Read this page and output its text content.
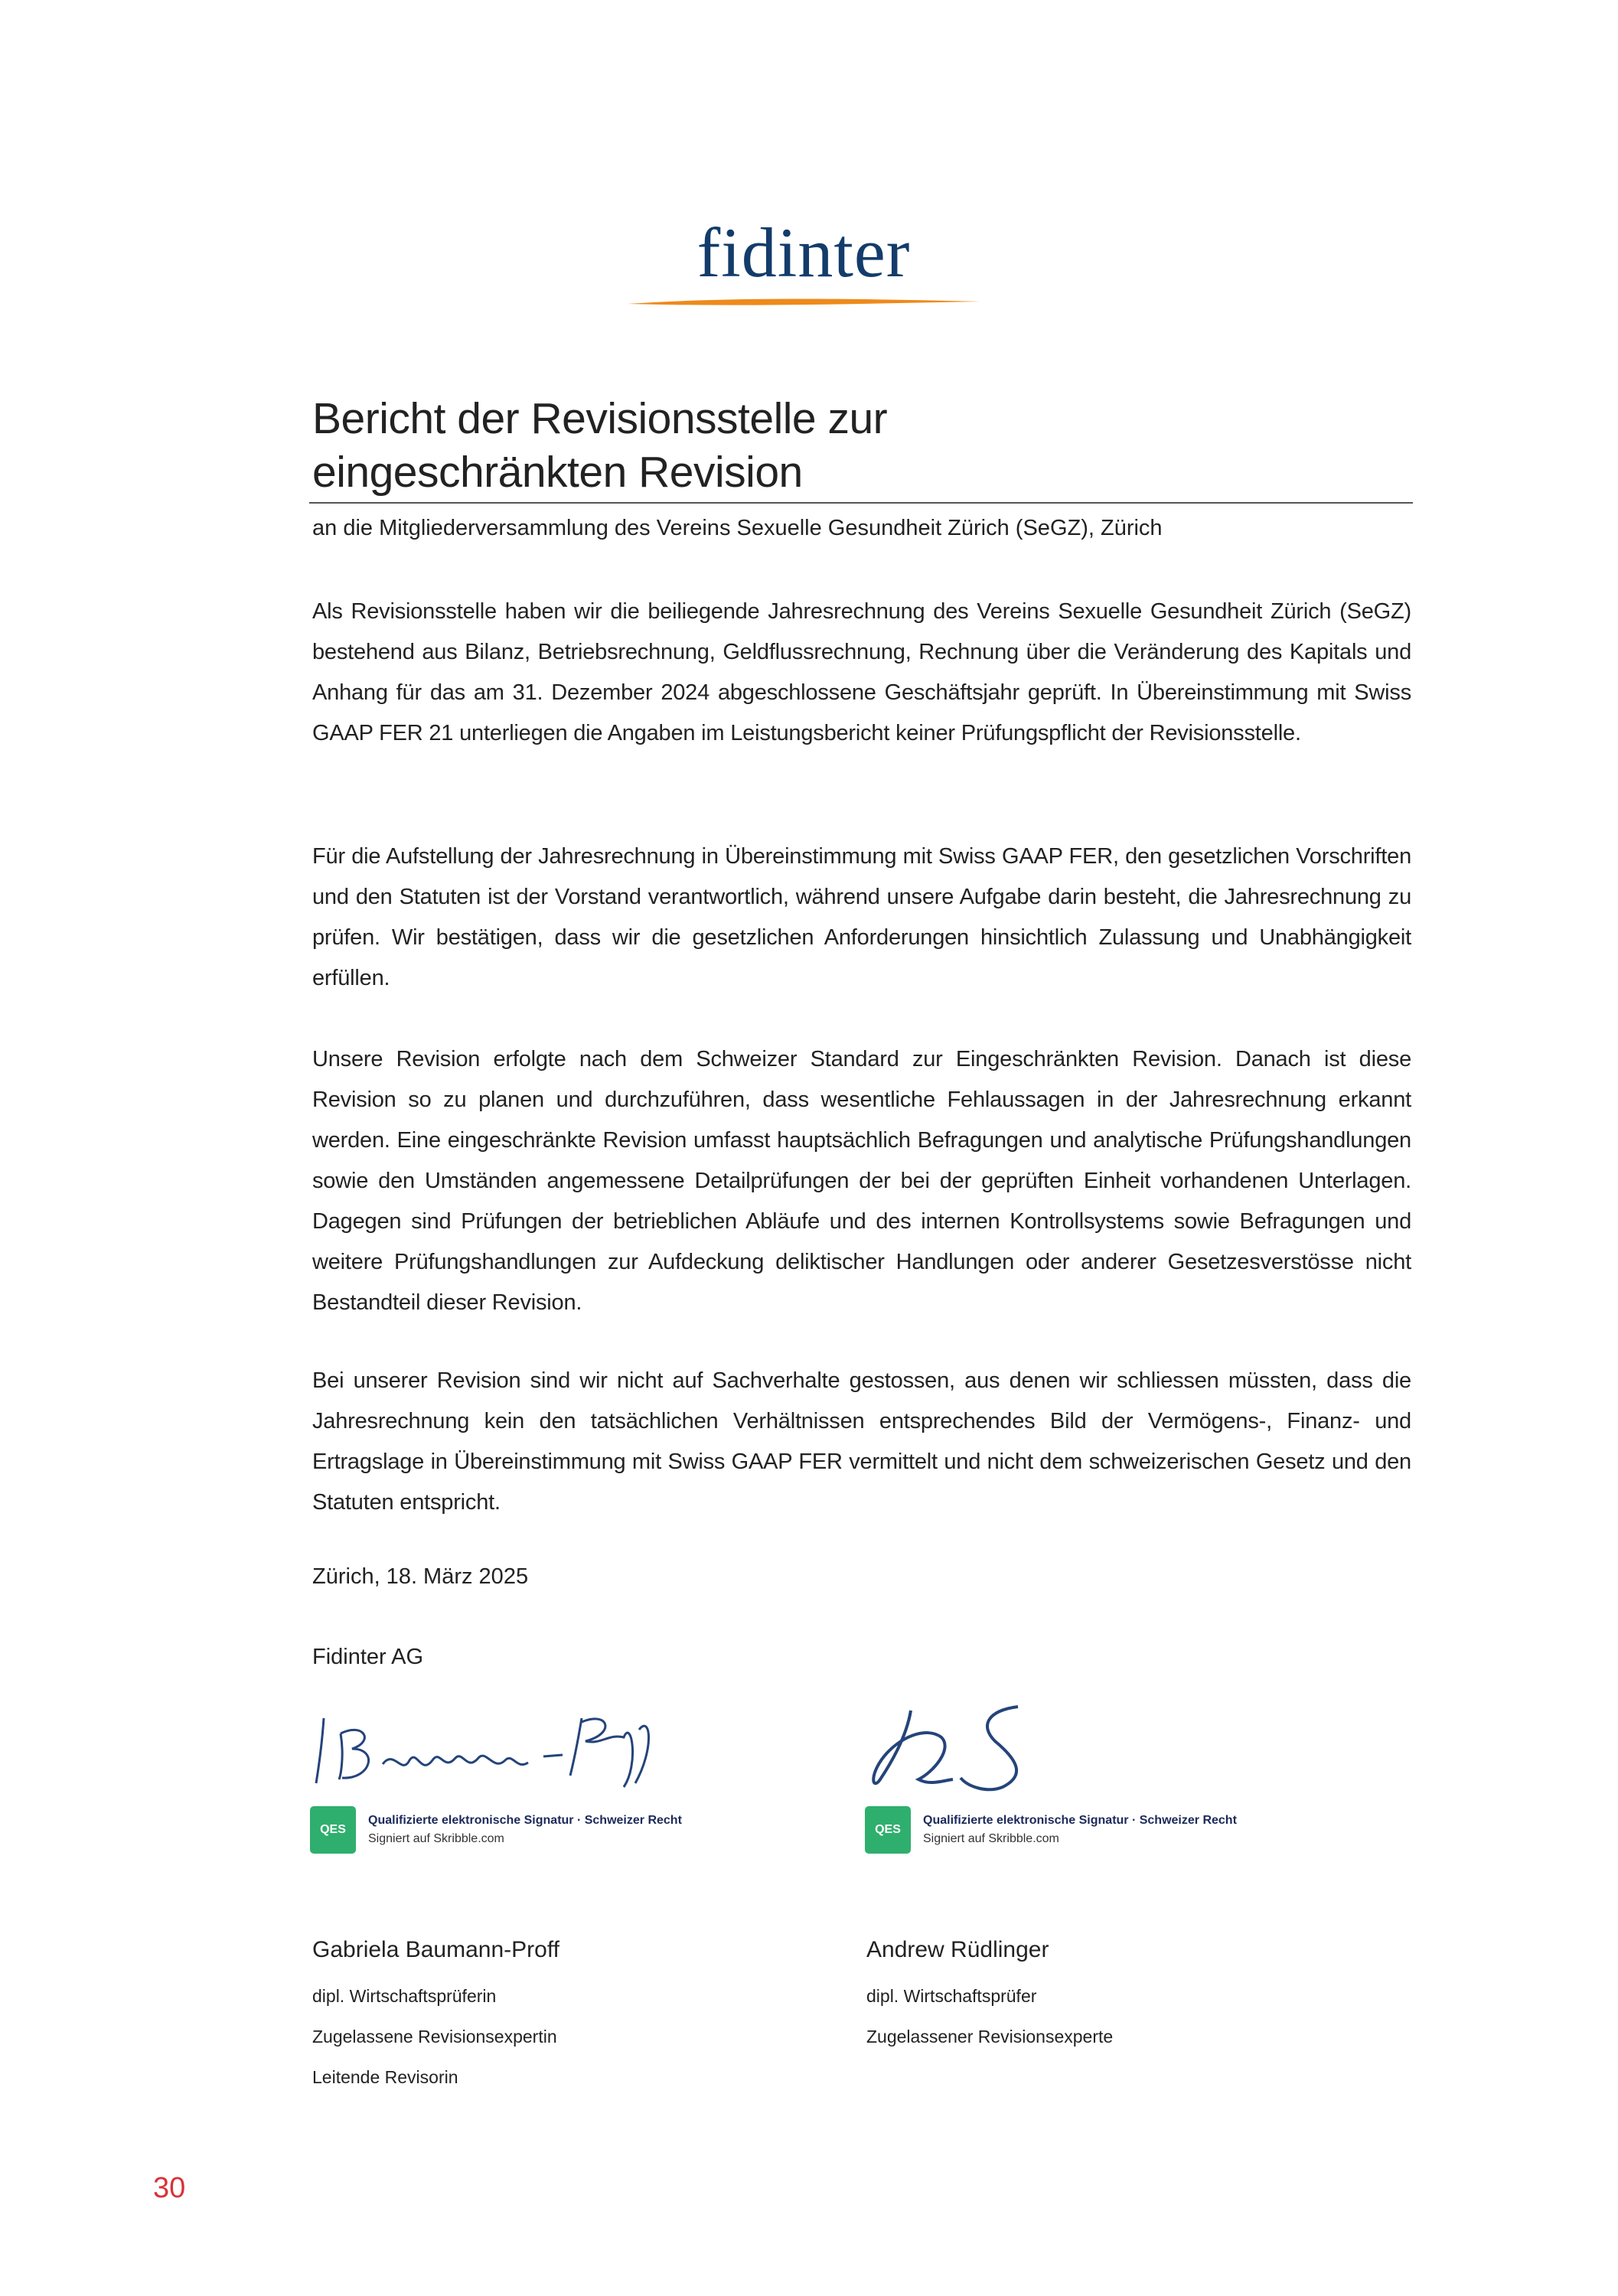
fidinter
Bericht der Revisionsstelle zur
eingeschränkten Revision
an die Mitgliederversammlung des Vereins Sexuelle Gesundheit Zürich (SeGZ), Zürich

Als Revisionsstelle haben wir die beiliegende Jahresrechnung des Vereins Sexuelle Gesundheit Zürich (SeGZ) bestehend aus Bilanz, Betriebsrechnung, Geldflussrechnung, Rechnung über die Veränderung des Kapitals und Anhang für das am 31. Dezember 2024 abgeschlossene Geschäftsjahr geprüft. In Übereinstimmung mit Swiss GAAP FER 21 unterliegen die Angaben im Leistungsbericht keiner Prüfungspflicht der Revisionsstelle.

Für die Aufstellung der Jahresrechnung in Übereinstimmung mit Swiss GAAP FER, den gesetzlichen Vorschriften und den Statuten ist der Vorstand verantwortlich, während unsere Aufgabe darin besteht, die Jahresrechnung zu prüfen. Wir bestätigen, dass wir die gesetzlichen Anforderungen hinsichtlich Zulassung und Unabhängigkeit erfüllen.

Unsere Revision erfolgte nach dem Schweizer Standard zur Eingeschränkten Revision. Danach ist diese Revision so zu planen und durchzuführen, dass wesentliche Fehlaussagen in der Jahresrechnung erkannt werden. Eine eingeschränkte Revision umfasst hauptsächlich Befragungen und analytische Prüfungshandlungen sowie den Umständen angemessene Detailprüfungen der bei der geprüften Einheit vorhandenen Unterlagen. Dagegen sind Prüfungen der betrieblichen Abläufe und des internen Kontrollsystems sowie Befragungen und weitere Prüfungshandlungen zur Aufdeckung deliktischer Handlungen oder anderer Gesetzesverstösse nicht Bestandteil dieser Revision.

Bei unserer Revision sind wir nicht auf Sachverhalte gestossen, aus denen wir schliessen müssten, dass die Jahresrechnung kein den tatsächlichen Verhältnissen entsprechendes Bild der Vermögens-, Finanz- und Ertragslage in Übereinstimmung mit Swiss GAAP FER vermittelt und nicht dem schweizerischen Gesetz und den Statuten entspricht.

Zürich, 18. März 2025
Fidinter AG
QES
Qualifizierte elektronische Signatur · Schweizer Recht
Signiert auf Skribble.com
QES
Qualifizierte elektronische Signatur · Schweizer Recht
Signiert auf Skribble.com
Gabriela Baumann-Proff
dipl. Wirtschaftsprüferin
Zugelassene Revisionsexpertin
Leitende Revisorin
Andrew Rüdlinger
dipl. Wirtschaftsprüfer
Zugelassener Revisionsexperte
30
